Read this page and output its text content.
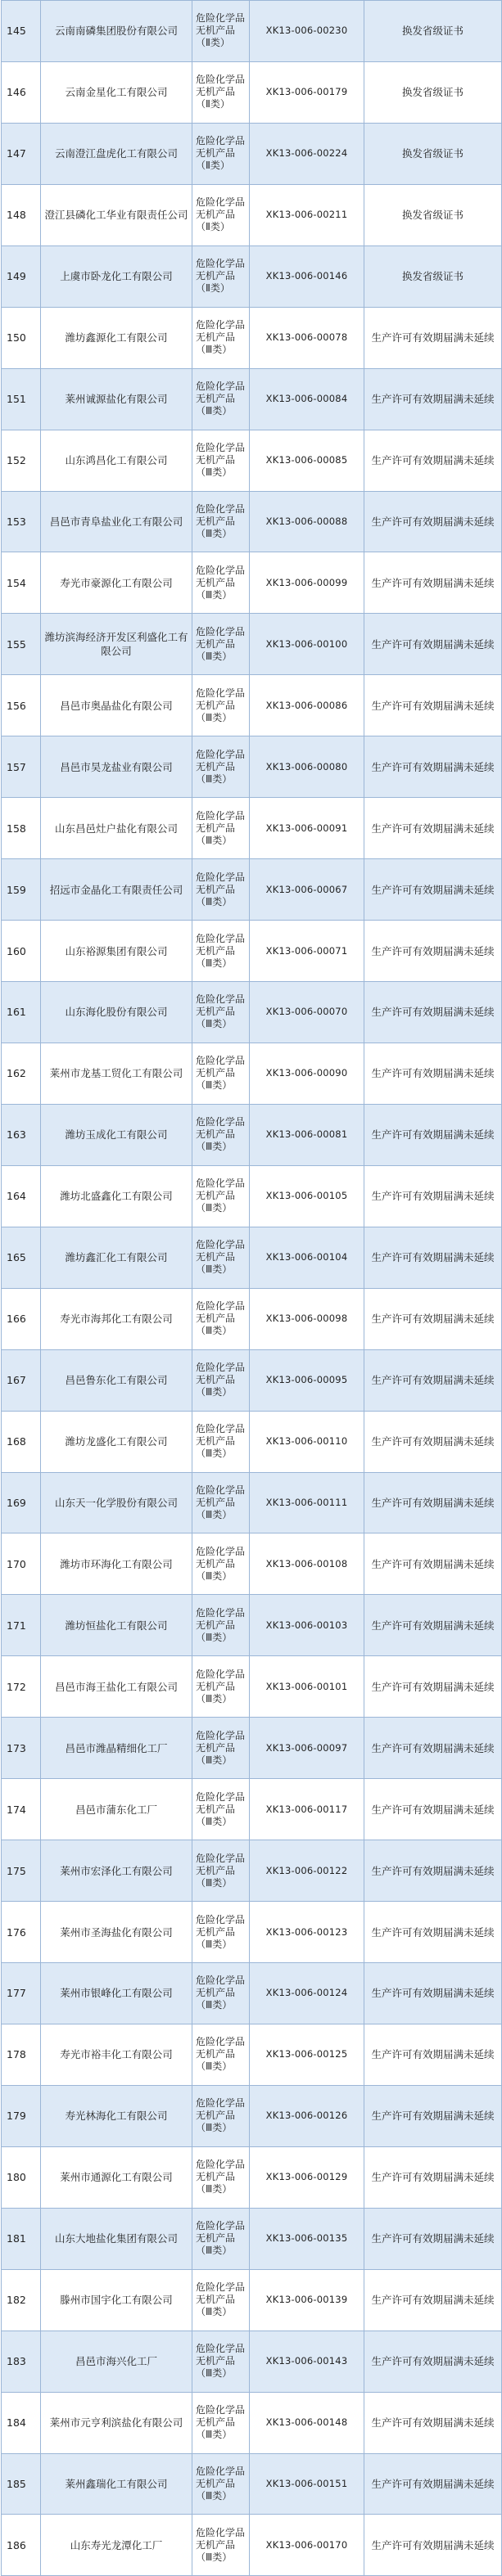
145	云南南磷集团股份有限公司	危险化学品无机产品（Ⅱ类）	XK13-006-00230	换发省级证书
146	云南金星化工有限公司	危险化学品无机产品（Ⅱ类）	XK13-006-00179	换发省级证书
147	云南澄江盘虎化工有限公司	危险化学品无机产品（Ⅱ类）	XK13-006-00224	换发省级证书
148	澄江县磷化工华业有限责任公司	危险化学品无机产品（Ⅱ类）	XK13-006-00211	换发省级证书
149	上虞市卧龙化工有限公司	危险化学品无机产品（Ⅱ类）	XK13-006-00146	换发省级证书
150	潍坊鑫源化工有限公司	危险化学品无机产品（Ⅲ类）	XK13-006-00078	生产许可有效期届满未延续
151	莱州诚源盐化有限公司	危险化学品无机产品（Ⅲ类）	XK13-006-00084	生产许可有效期届满未延续
152	山东鸿昌化工有限公司	危险化学品无机产品（Ⅲ类）	XK13-006-00085	生产许可有效期届满未延续
153	昌邑市青阜盐业化工有限公司	危险化学品无机产品（Ⅲ类）	XK13-006-00088	生产许可有效期届满未延续
154	寿光市豪源化工有限公司	危险化学品无机产品（Ⅲ类）	XK13-006-00099	生产许可有效期届满未延续
155	潍坊滨海经济开发区利盛化工有限公司	危险化学品无机产品（Ⅲ类）	XK13-006-00100	生产许可有效期届满未延续
156	昌邑市奥晶盐化有限公司	危险化学品无机产品（Ⅲ类）	XK13-006-00086	生产许可有效期届满未延续
157	昌邑市昊龙盐业有限公司	危险化学品无机产品（Ⅲ类）	XK13-006-00080	生产许可有效期届满未延续
158	山东昌邑灶户盐化有限公司	危险化学品无机产品（Ⅲ类）	XK13-006-00091	生产许可有效期届满未延续
159	招远市金晶化工有限责任公司	危险化学品无机产品（Ⅲ类）	XK13-006-00067	生产许可有效期届满未延续
160	山东裕源集团有限公司	危险化学品无机产品（Ⅲ类）	XK13-006-00071	生产许可有效期届满未延续
161	山东海化股份有限公司	危险化学品无机产品（Ⅲ类）	XK13-006-00070	生产许可有效期届满未延续
162	莱州市龙基工贸化工有限公司	危险化学品无机产品（Ⅲ类）	XK13-006-00090	生产许可有效期届满未延续
163	潍坊玉成化工有限公司	危险化学品无机产品（Ⅲ类）	XK13-006-00081	生产许可有效期届满未延续
164	潍坊北盛鑫化工有限公司	危险化学品无机产品（Ⅲ类）	XK13-006-00105	生产许可有效期届满未延续
165	潍坊鑫汇化工有限公司	危险化学品无机产品（Ⅲ类）	XK13-006-00104	生产许可有效期届满未延续
166	寿光市海邦化工有限公司	危险化学品无机产品（Ⅲ类）	XK13-006-00098	生产许可有效期届满未延续
167	昌邑鲁东化工有限公司	危险化学品无机产品（Ⅲ类）	XK13-006-00095	生产许可有效期届满未延续
168	潍坊龙盛化工有限公司	危险化学品无机产品（Ⅲ类）	XK13-006-00110	生产许可有效期届满未延续
169	山东天一化学股份有限公司	危险化学品无机产品（Ⅲ类）	XK13-006-00111	生产许可有效期届满未延续
170	潍坊市环海化工有限公司	危险化学品无机产品（Ⅲ类）	XK13-006-00108	生产许可有效期届满未延续
171	潍坊恒盐化工有限公司	危险化学品无机产品（Ⅲ类）	XK13-006-00103	生产许可有效期届满未延续
172	昌邑市海王盐化工有限公司	危险化学品无机产品（Ⅲ类）	XK13-006-00101	生产许可有效期届满未延续
173	昌邑市潍晶精细化工厂	危险化学品无机产品（Ⅲ类）	XK13-006-00097	生产许可有效期届满未延续
174	昌邑市蒲东化工厂	危险化学品无机产品（Ⅲ类）	XK13-006-00117	生产许可有效期届满未延续
175	莱州市宏泽化工有限公司	危险化学品无机产品（Ⅲ类）	XK13-006-00122	生产许可有效期届满未延续
176	莱州市圣海盐化有限公司	危险化学品无机产品（Ⅲ类）	XK13-006-00123	生产许可有效期届满未延续
177	莱州市银峰化工有限公司	危险化学品无机产品（Ⅲ类）	XK13-006-00124	生产许可有效期届满未延续
178	寿光市裕丰化工有限公司	危险化学品无机产品（Ⅲ类）	XK13-006-00125	生产许可有效期届满未延续
179	寿光林海化工有限公司	危险化学品无机产品（Ⅲ类）	XK13-006-00126	生产许可有效期届满未延续
180	莱州市通源化工有限公司	危险化学品无机产品（Ⅲ类）	XK13-006-00129	生产许可有效期届满未延续
181	山东大地盐化集团有限公司	危险化学品无机产品（Ⅲ类）	XK13-006-00135	生产许可有效期届满未延续
182	滕州市国宇化工有限公司	危险化学品无机产品（Ⅲ类）	XK13-006-00139	生产许可有效期届满未延续
183	昌邑市海兴化工厂	危险化学品无机产品（Ⅲ类）	XK13-006-00143	生产许可有效期届满未延续
184	莱州市元亨利滨盐化有限公司	危险化学品无机产品（Ⅲ类）	XK13-006-00148	生产许可有效期届满未延续
185	莱州鑫瑞化工有限公司	危险化学品无机产品（Ⅲ类）	XK13-006-00151	生产许可有效期届满未延续
186	山东寿光龙潭化工厂	危险化学品无机产品（Ⅲ类）	XK13-006-00170	生产许可有效期届满未延续
